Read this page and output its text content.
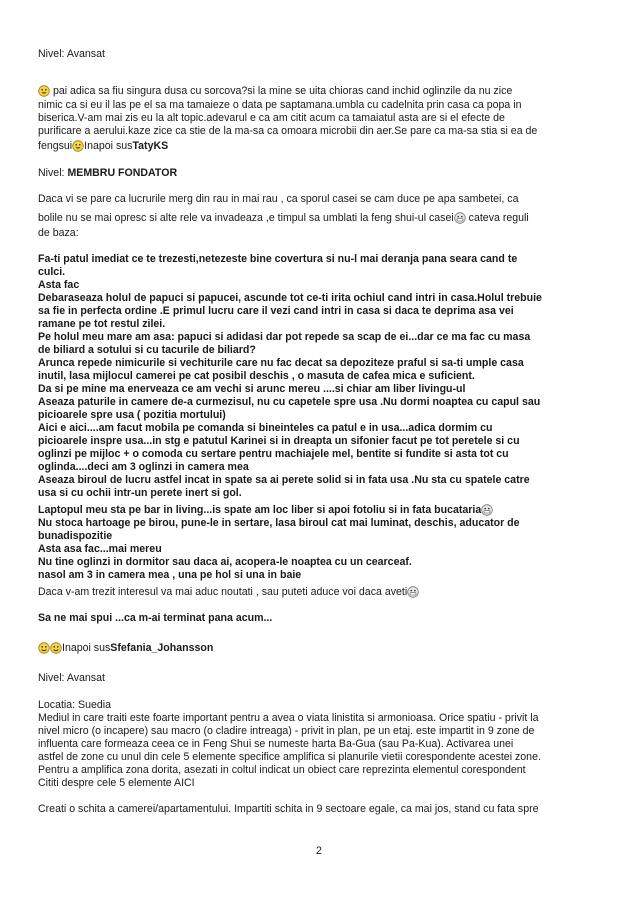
Nivel: Avansat
pai adica sa fiu singura dusa cu sorcova?si la mine se uita chioras cand inchid oglinzile da nu zice
nimic ca si eu il las pe el sa ma tamaieze o data pe saptamana.umbla cu cadelnita prin casa ca popa in
biserica.V-am mai zis eu la alt topic.adevarul e ca am citit acum ca tamaiatul asta are si el efecte de
purificare a aerului.kaze zice ca stie de la ma-sa ca omoara microbii din aer.Se pare ca ma-sa stia si ea de
fengsui Inapoi susTatyKS
Nivel: MEMBRU FONDATOR
Daca vi se pare ca lucrurile merg din rau in mai rau , ca sporul casei se cam duce pe apa sambetei, ca
bolile nu se mai opresc si alte rele va invadeaza ,e timpul sa umblati la feng shui-ul casei cateva reguli
de baza:
Fa-ti patul imediat ce te trezesti,netezeste bine covertura si nu-l mai deranja pana seara cand te
culci.
Asta fac
Debaraseaza holul de papuci si papucei, ascunde tot ce-ti irita ochiul cand intri in casa.Holul trebuie
sa fie in perfecta ordine .E primul lucru care il vezi cand intri in casa si daca te deprima asa vei
ramane pe tot restul zilei.
Pe holul meu mare am asa: papuci si adidasi dar pot repede sa scap de ei...dar ce ma fac cu masa
de biliard a sotului si cu tacurile de biliard?
Arunca repede nimicurile si vechiturile care nu fac decat sa depoziteze praful si sa-ti umple casa
inutil, lasa mijlocul camerei pe cat posibil deschis , o masuta de cafea mica e suficient.
Da si pe mine ma enerveaza ce am vechi si arunc mereu ....si chiar am liber livingu-ul
Aseaza paturile in camere de-a curmezisul, nu cu capetele spre usa .Nu dormi noaptea cu capul sau
picioarele spre usa ( pozitia mortului)
Aici e aici....am facut mobila pe comanda si bineinteles ca patul e in usa...adica dormim cu
picioarele inspre usa...in stg e patutul Karinei si in dreapta un sifonier facut pe tot peretele si cu
oglinzi pe mijloc + o comoda cu sertare pentru machiajele mel, bentite si fundite si asta tot cu
oglinda....deci am 3 oglinzi in camera mea
Aseaza biroul de lucru astfel incat in spate sa ai perete solid si in fata usa .Nu sta cu spatele catre
usa si cu ochii intr-un perete inert si gol.
Laptopul meu sta pe bar in living...is spate am loc liber si apoi fotoliu si in fata bucataria
Nu stoca hartoage pe birou, pune-le in sertare, lasa biroul cat mai luminat, deschis, aducator de
bunadispozitie
Asta asa fac...mai mereu
Nu tine oglinzi in dormitor sau daca ai, acopera-le noaptea cu un cearceaf.
nasol am 3 in camera mea , una pe hol si una in baie
Daca v-am trezit interesul va mai aduc noutati , sau puteti aduce voi daca aveti
Sa ne mai spui ...ca m-ai terminat pana acum...
Inapoi susSfefania_Johansson
Nivel: Avansat
Locatia: Suedia
Mediul in care traiti este foarte important pentru a avea o viata linistita si armonioasa. Orice spatiu - privit la
nivel micro (o incapere) sau macro (o cladire intreaga) - privit in plan, pe un etaj. este impartit in 9 zone de
influenta care formeaza ceea ce in Feng Shui se numeste harta Ba-Gua (sau Pa-Kua). Activarea unei
astfel de zone cu unul din cele 5 elemente specifice amplifica si planurile vietii corespondente acestei zone.
Pentru a amplifica zona dorita, asezati in coltul indicat un obiect care reprezinta elementul corespondent
Cititi despre cele 5 elemente AICI
Creati o schita a camerei/apartamentului. Impartiti schita in 9 sectoare egale, ca mai jos, stand cu fata spre
2
